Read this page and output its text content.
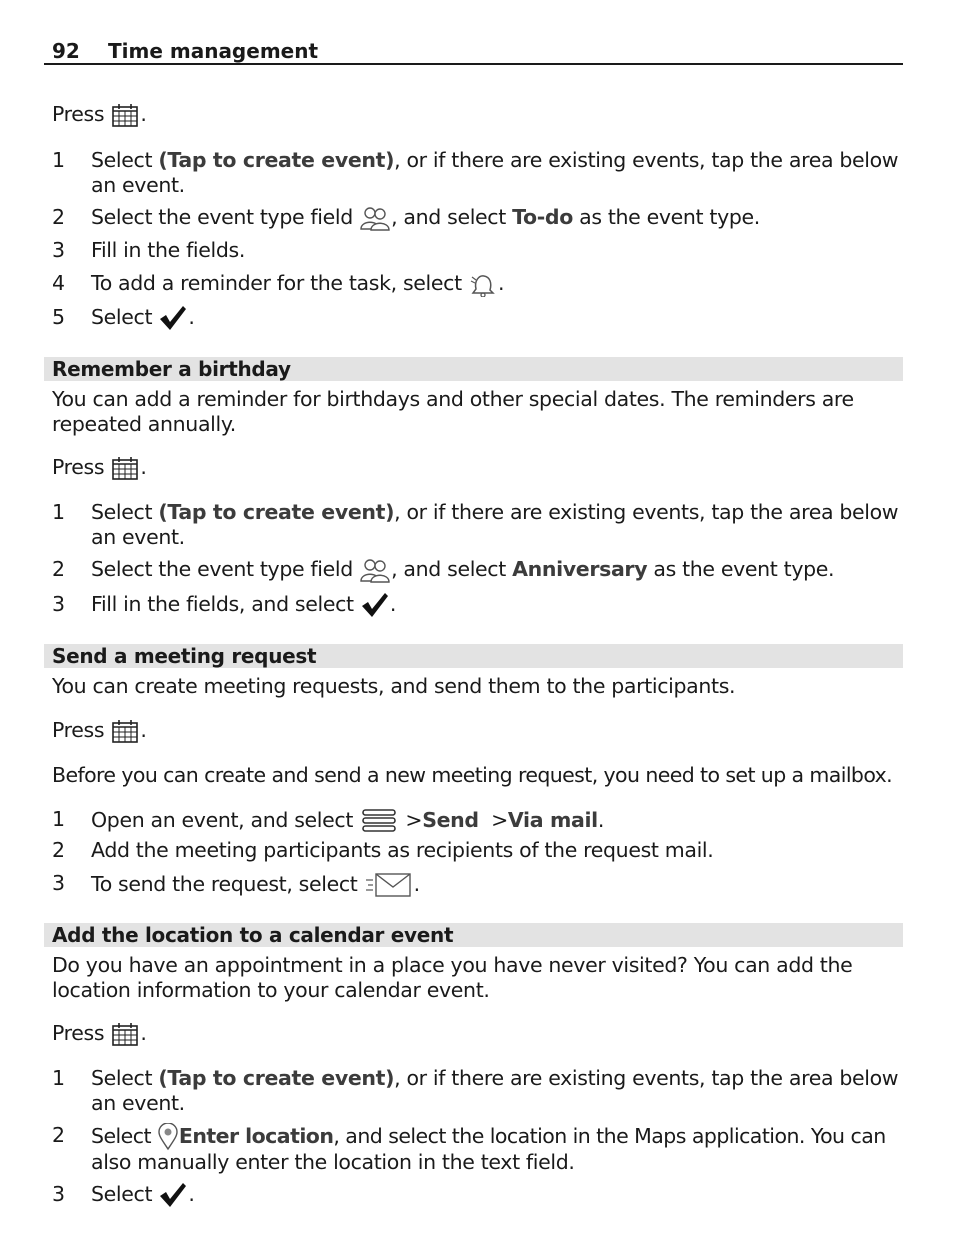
92 Time management
Press .
1 Select (Tap to create event), or if there are existing events, tap the area below
an event.
2 Select the event type field , and select To-do as the event type.
3 Fill in the fields.
4 To add a reminder for the task, select .
5 Select .
Remember a birthday
You can add a reminder for birthdays and other special dates. The reminders are
repeated annually.
Press .
1 Select (Tap to create event), or if there are existing events, tap the area below
an event.
2 Select the event type field , and select Anniversary as the event type.
3 Fill in the fields, and select .
Send a meeting request
You can create meeting requests, and send them to the participants.
Press .
Before you can create and send a new meeting request, you need to set up a mailbox.
1 Open an event, and select	>Send >Via mail.
2 Add the meeting participants as recipients of the request mail.
3 To send the request, select	.
Add the location to a calendar event
Do you have an appointment in a place you have never visited? You can add the
location information to your calendar event.
Press .
1 Select (Tap to create event), or if there are existing events, tap the area below
an event.
2 Select Enter location, and select the location in the Maps application. You can
also manually enter the location in the text field.
3 Select .
